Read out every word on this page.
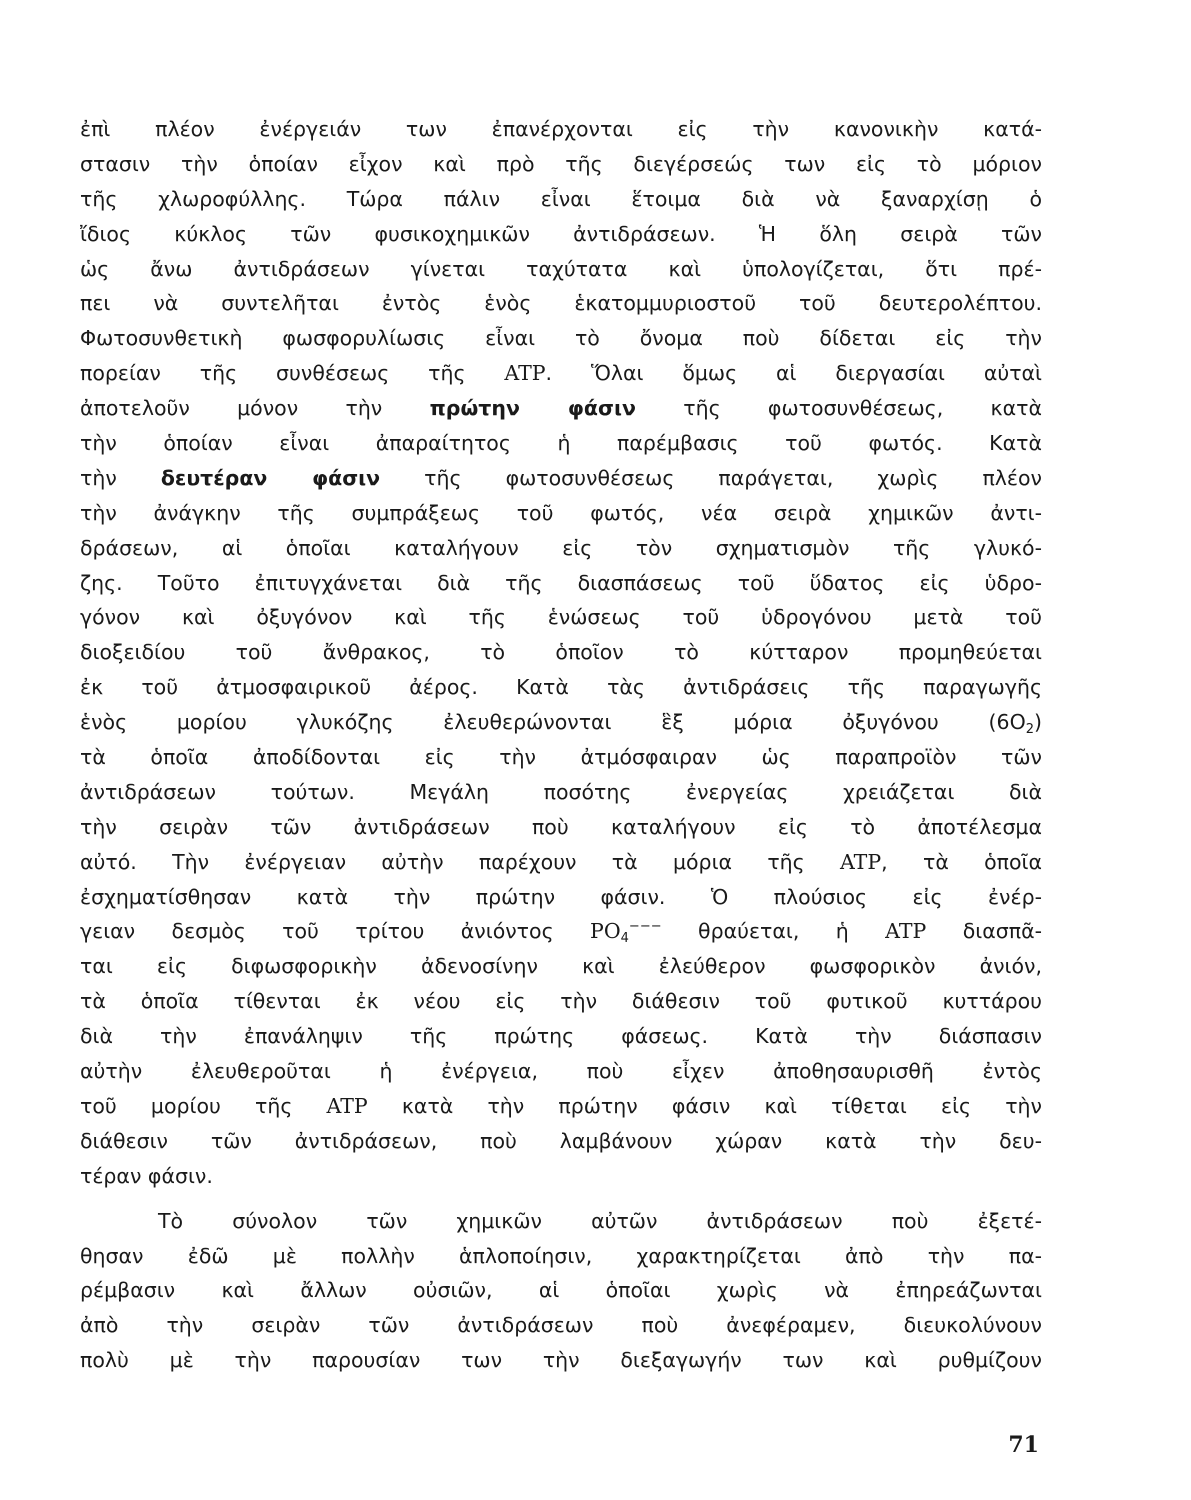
ἐπὶ πλέον ἐνέργειάν των ἐπανέρχονται εἰς τὴν κανονικὴν κατά-
στασιν τὴν ὁποίαν εἶχον καὶ πρὸ τῆς διεγέρσεώς των εἰς τὸ μόριον
τῆς χλωροφύλλης. Τώρα πάλιν εἶναι ἕτοιμα διὰ νὰ ξαναρχίσῃ ὁ
ἴδιος κύκλος τῶν φυσικοχημικῶν ἀντιδράσεων. Ἡ ὅλη σειρὰ τῶν
ὡς ἄνω ἀντιδράσεων γίνεται ταχύτατα καὶ ὑπολογίζεται, ὅτι πρέ-
πει νὰ συντελῆται ἐντὸς ἑνὸς ἑκατομμυριοστοῦ τοῦ δευτερολέπτου.
Φωτοσυνθετικὴ φωσφορυλίωσις εἶναι τὸ ὄνομα ποὺ δίδεται εἰς τὴν
πορείαν τῆς συνθέσεως τῆς ATP. Ὅλαι ὅμως αἱ διεργασίαι αὐταὶ
ἀποτελοῦν μόνον τὴν πρώτην φάσιν τῆς φωτοσυνθέσεως, κατὰ
τὴν ὁποίαν εἶναι ἀπαραίτητος ἡ παρέμβασις τοῦ φωτός. Κατὰ
τὴν δευτέραν φάσιν τῆς φωτοσυνθέσεως παράγεται, χωρὶς πλέον
τὴν ἀνάγκην τῆς συμπράξεως τοῦ φωτός, νέα σειρὰ χημικῶν ἀντι-
δράσεων, αἱ ὁποῖαι καταλήγουν εἰς τὸν σχηματισμὸν τῆς γλυκό-
ζης. Τοῦτο ἐπιτυγχάνεται διὰ τῆς διασπάσεως τοῦ ὕδατος εἰς ὑδρο-
γόνον καὶ ὀξυγόνον καὶ τῆς ἑνώσεως τοῦ ὑδρογόνου μετὰ τοῦ
διοξειδίου τοῦ ἄνθρακος, τὸ ὁποῖον τὸ κύτταρον προμηθεύεται
ἐκ τοῦ ἀτμοσφαιρικοῦ ἀέρος. Κατὰ τὰς ἀντιδράσεις τῆς παραγωγῆς
ἑνὸς μορίου γλυκόζης ἐλευθερώνονται ἓξ μόρια ὀξυγόνου $(6O_2)$
τὰ ὁποῖα ἀποδίδονται εἰς τὴν ἀτμόσφαιραν ὡς παραπροϊὸν τῶν
ἀντιδράσεων τούτων. Μεγάλη ποσότης ἐνεργείας χρειάζεται διὰ
τὴν σειρὰν τῶν ἀντιδράσεων ποὺ καταλήγουν εἰς τὸ ἀποτέλεσμα
αὐτό. Τὴν ἐνέργειαν αὐτὴν παρέχουν τὰ μόρια τῆς ATP, τὰ ὁποῖα
ἐσχηματίσθησαν κατὰ τὴν πρώτην φάσιν. Ὁ πλούσιος εἰς ἐνέρ-
γειαν δεσμὸς τοῦ τρίτου ἀνιόντος $PO_4^{---}$ θραύεται, ἡ ATP διασπᾶ-
ται εἰς διφωσφορικὴν ἀδενοσίνην καὶ ἐλεύθερον φωσφορικὸν ἀνιόν,
τὰ ὁποῖα τίθενται ἐκ νέου εἰς τὴν διάθεσιν τοῦ φυτικοῦ κυττάρου
διὰ τὴν ἐπανάληψιν τῆς πρώτης φάσεως. Κατὰ τὴν διάσπασιν
αὐτὴν ἐλευθεροῦται ἡ ἐνέργεια, ποὺ εἶχεν ἀποθησαυρισθῆ ἐντὸς
τοῦ μορίου τῆς ATP κατὰ τὴν πρώτην φάσιν καὶ τίθεται εἰς τὴν
διάθεσιν τῶν ἀντιδράσεων, ποὺ λαμβάνουν χώραν κατὰ τὴν δευ-
τέραν φάσιν.
Τὸ σύνολον τῶν χημικῶν αὐτῶν ἀντιδράσεων ποὺ ἐξετέ-
θησαν ἐδῶ μὲ πολλὴν ἁπλοποίησιν, χαρακτηρίζεται ἀπὸ τὴν πα-
ρέμβασιν καὶ ἄλλων οὐσιῶν, αἱ ὁποῖαι χωρὶς νὰ ἐπηρεάζωνται
ἀπὸ τὴν σειρὰν τῶν ἀντιδράσεων ποὺ ἀνεφέραμεν, διευκολύνουν
πολὺ μὲ τὴν παρουσίαν των τὴν διεξαγωγήν των καὶ ρυθμίζουν
71
